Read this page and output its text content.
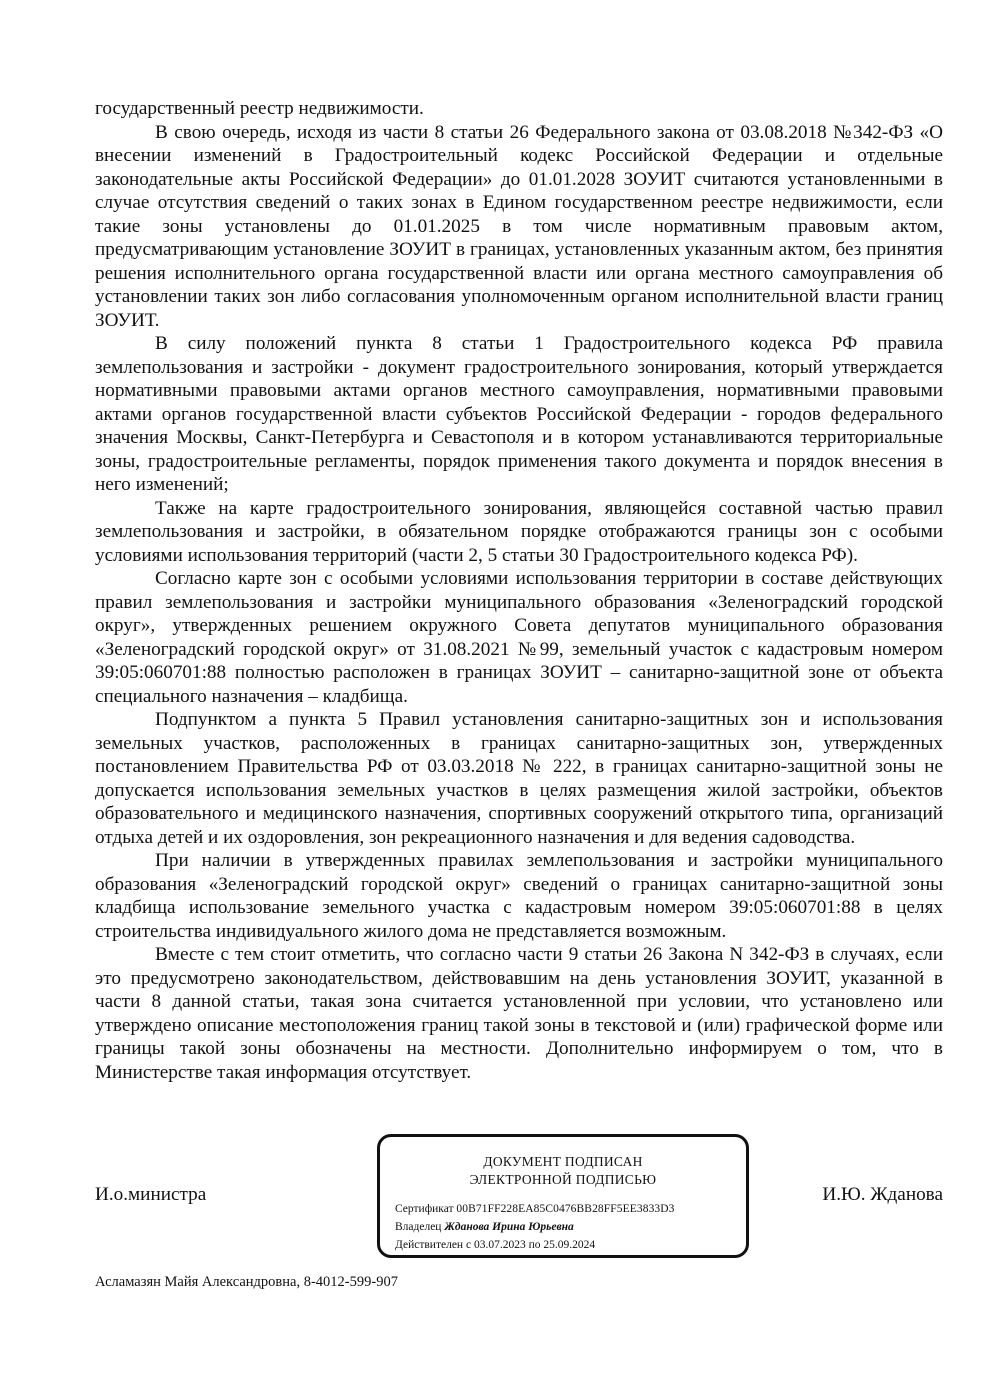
государственный реестр недвижимости.

В свою очередь, исходя из части 8 статьи 26 Федерального закона от 03.08.2018 №342-ФЗ «О внесении изменений в Градостроительный кодекс Российской Федерации и отдельные законодательные акты Российской Федерации» до 01.01.2028 ЗОУИТ считаются установленными в случае отсутствия сведений о таких зонах в Едином государственном реестре недвижимости, если такие зоны установлены до 01.01.2025 в том числе нормативным правовым актом, предусматривающим установление ЗОУИТ в границах, установленных указанным актом, без принятия решения исполнительного органа государственной власти или органа местного самоуправления об установлении таких зон либо согласования уполномоченным органом исполнительной власти границ ЗОУИТ.

В силу положений пункта 8 статьи 1 Градостроительного кодекса РФ правила землепользования и застройки - документ градостроительного зонирования, который утверждается нормативными правовыми актами органов местного самоуправления, нормативными правовыми актами органов государственной власти субъектов Российской Федерации - городов федерального значения Москвы, Санкт-Петербурга и Севастополя и в котором устанавливаются территориальные зоны, градостроительные регламенты, порядок применения такого документа и порядок внесения в него изменений;

Также на карте градостроительного зонирования, являющейся составной частью правил землепользования и застройки, в обязательном порядке отображаются границы зон с особыми условиями использования территорий (части 2, 5 статьи 30 Градостроительного кодекса РФ).

Согласно карте зон с особыми условиями использования территории в составе действующих правил землепользования и застройки муниципального образования «Зеленоградский городской округ», утвержденных решением окружного Совета депутатов муниципального образования «Зеленоградский городской округ» от 31.08.2021 №99, земельный участок с кадастровым номером 39:05:060701:88 полностью расположен в границах ЗОУИТ – санитарно-защитной зоне от объекта специального назначения – кладбища.

Подпунктом а пункта 5 Правил установления санитарно-защитных зон и использования земельных участков, расположенных в границах санитарно-защитных зон, утвержденных постановлением Правительства РФ от 03.03.2018 № 222, в границах санитарно-защитной зоны не допускается использования земельных участков в целях размещения жилой застройки, объектов образовательного и медицинского назначения, спортивных сооружений открытого типа, организаций отдыха детей и их оздоровления, зон рекреационного назначения и для ведения садоводства.

При наличии в утвержденных правилах землепользования и застройки муниципального образования «Зеленоградский городской округ» сведений о границах санитарно-защитной зоны кладбища использование земельного участка с кадастровым номером 39:05:060701:88 в целях строительства индивидуального жилого дома не представляется возможным.

Вместе с тем стоит отметить, что согласно части 9 статьи 26 Закона N 342-ФЗ в случаях, если это предусмотрено законодательством, действовавшим на день установления ЗОУИТ, указанной в части 8 данной статьи, такая зона считается установленной при условии, что установлено или утверждено описание местоположения границ такой зоны в текстовой и (или) графической форме или границы такой зоны обозначены на местности. Дополнительно информируем о том, что в Министерстве такая информация отсутствует.

И.о.министра
ДОКУМЕНТ ПОДПИСАН
ЭЛЕКТРОННОЙ ПОДПИСЬЮ
Сертификат 00B71FF228EA85C0476BB28FF5EE3833D3
Владелец Жданова Ирина Юрьевна
Действителен с 03.07.2023 по 25.09.2024
И.Ю. Жданова
Асламазян Майя Александровна, 8-4012-599-907
